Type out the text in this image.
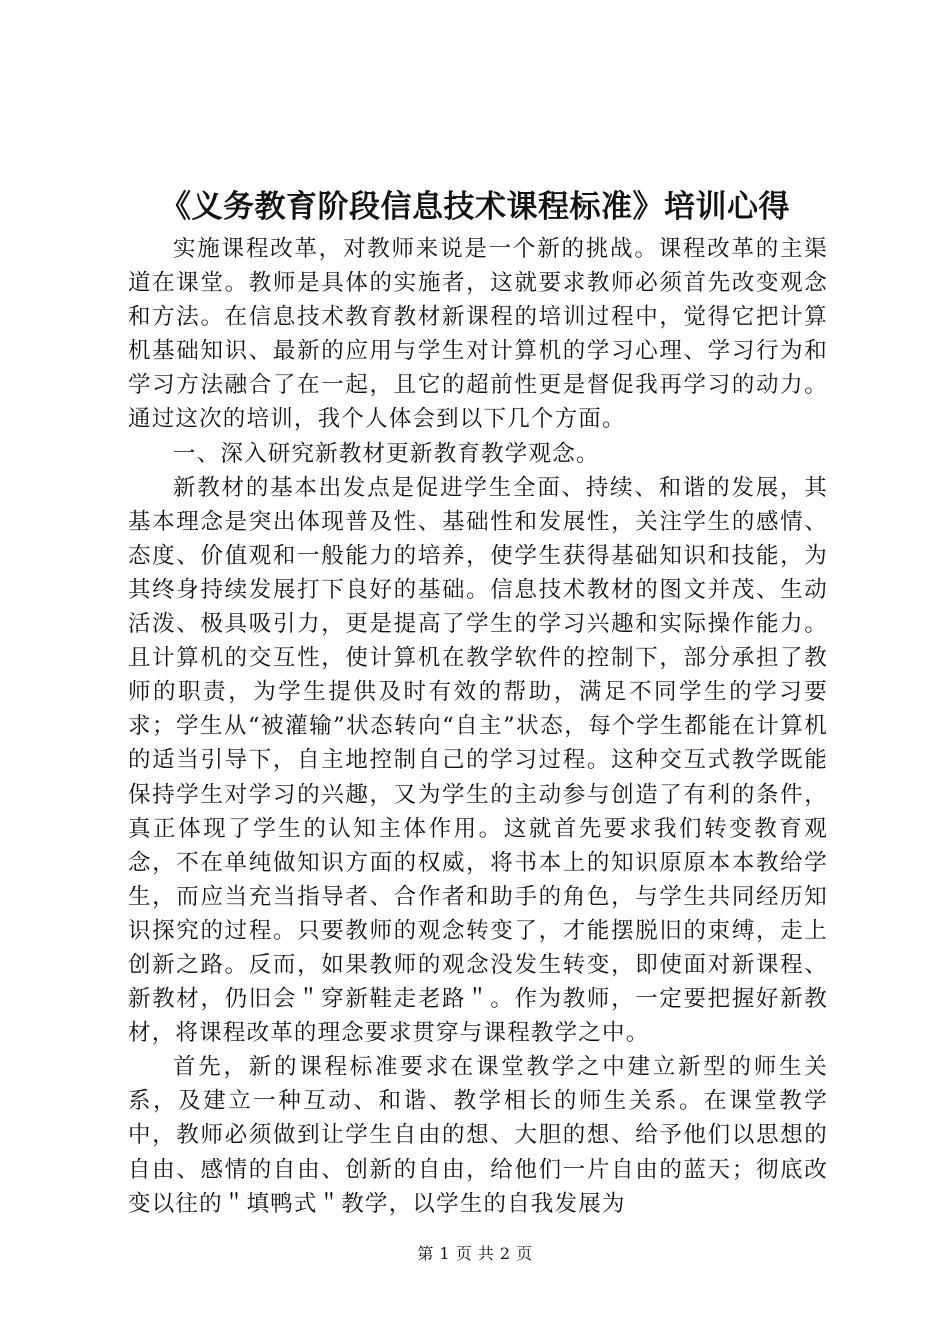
《义务教育阶段信息技术课程标准》培训心得

实施课程改革，对教师来说是一个新的挑战。课程改革的主渠道在课堂。教师是具体的实施者，这就要求教师必须首先改变观念和方法。在信息技术教育教材新课程的培训过程中，觉得它把计算机基础知识、最新的应用与学生对计算机的学习心理、学习行为和学习方法融合了在一起，且它的超前性更是督促我再学习的动力。通过这次的培训，我个人体会到以下几个方面。

一、深入研究新教材更新教育教学观念。

新教材的基本出发点是促进学生全面、持续、和谐的发展，其基本理念是突出体现普及性、基础性和发展性，关注学生的感情、态度、价值观和一般能力的培养，使学生获得基础知识和技能，为其终身持续发展打下良好的基础。信息技术教材的图文并茂、生动活泼、极具吸引力，更是提高了学生的学习兴趣和实际操作能力。且计算机的交互性，使计算机在教学软件的控制下，部分承担了教师的职责，为学生提供及时有效的帮助，满足不同学生的学习要求；学生从“被灌输”状态转向“自主”状态，每个学生都能在计算机的适当引导下，自主地控制自己的学习过程。这种交互式教学既能保持学生对学习的兴趣，又为学生的主动参与创造了有利的条件，真正体现了学生的认知主体作用。这就首先要求我们转变教育观念，不在单纯做知识方面的权威，将书本上的知识原原本本教给学生，而应当充当指导者、合作者和助手的角色，与学生共同经历知识探究的过程。只要教师的观念转变了，才能摆脱旧的束缚，走上创新之路。反而，如果教师的观念没发生转变，即使面对新课程、新教材，仍旧会＂穿新鞋走老路＂。作为教师，一定要把握好新教材，将课程改革的理念要求贯穿与课程教学之中。

首先，新的课程标准要求在课堂教学之中建立新型的师生关系，及建立一种互动、和谐、教学相长的师生关系。在课堂教学中，教师必须做到让学生自由的想、大胆的想、给予他们以思想的自由、感情的自由、创新的自由，给他们一片自由的蓝天；彻底改变以往的＂填鸭式＂教学，以学生的自我发展为

第 1 页 共 2 页
